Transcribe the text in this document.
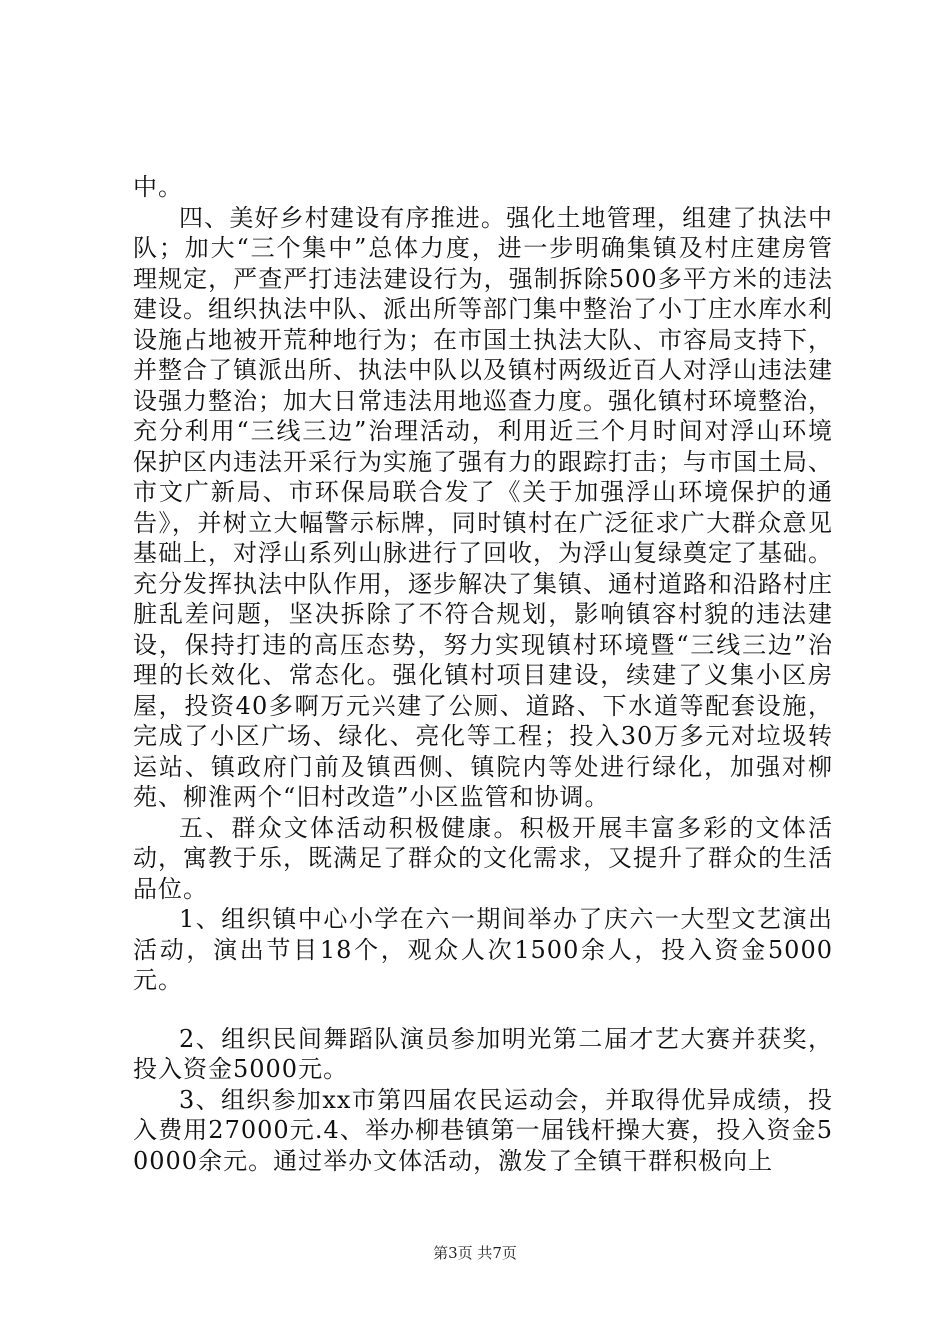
中。

四、美好乡村建设有序推进。强化土地管理，组建了执法中队；加大“三个集中”总体力度，进一步明确集镇及村庄建房管理规定，严查严打违法建设行为，强制拆除500多平方米的违法建设。组织执法中队、派出所等部门集中整治了小丁庄水库水利设施占地被开荒种地行为；在市国土执法大队、市容局支持下，并整合了镇派出所、执法中队以及镇村两级近百人对浮山违法建设强力整治；加大日常违法用地巡查力度。强化镇村环境整治，充分利用“三线三边”治理活动，利用近三个月时间对浮山环境保护区内违法开采行为实施了强有力的跟踪打击；与市国土局、市文广新局、市环保局联合发了《关于加强浮山环境保护的通告》，并树立大幅警示标牌，同时镇村在广泛征求广大群众意见基础上，对浮山系列山脉进行了回收，为浮山复绿奠定了基础。充分发挥执法中队作用，逐步解决了集镇、通村道路和沿路村庄脏乱差问题，坚决拆除了不符合规划，影响镇容村貌的违法建设，保持打违的高压态势，努力实现镇村环境暨“三线三边”治理的长效化、常态化。强化镇村项目建设，续建了义集小区房屋，投资40多啊万元兴建了公厕、道路、下水道等配套设施，完成了小区广场、绿化、亮化等工程；投入30万多元对垃圾转运站、镇政府门前及镇西侧、镇院内等处进行绿化，加强对柳苑、柳淮两个“旧村改造”小区监管和协调。

五、群众文体活动积极健康。积极开展丰富多彩的文体活动，寓教于乐，既满足了群众的文化需求，又提升了群众的生活品位。

1、组织镇中心小学在六一期间举办了庆六一大型文艺演出活动，演出节目18个，观众人次1500余人，投入资金5000元。

2、组织民间舞蹈队演员参加明光第二届才艺大赛并获奖，投入资金5000元。

3、组织参加xx市第四届农民运动会，并取得优异成绩，投入费用27000元.4、举办柳巷镇第一届钱杆操大赛，投入资金50000余元。通过举办文体活动，激发了全镇干群积极向上

第3页 共7页
